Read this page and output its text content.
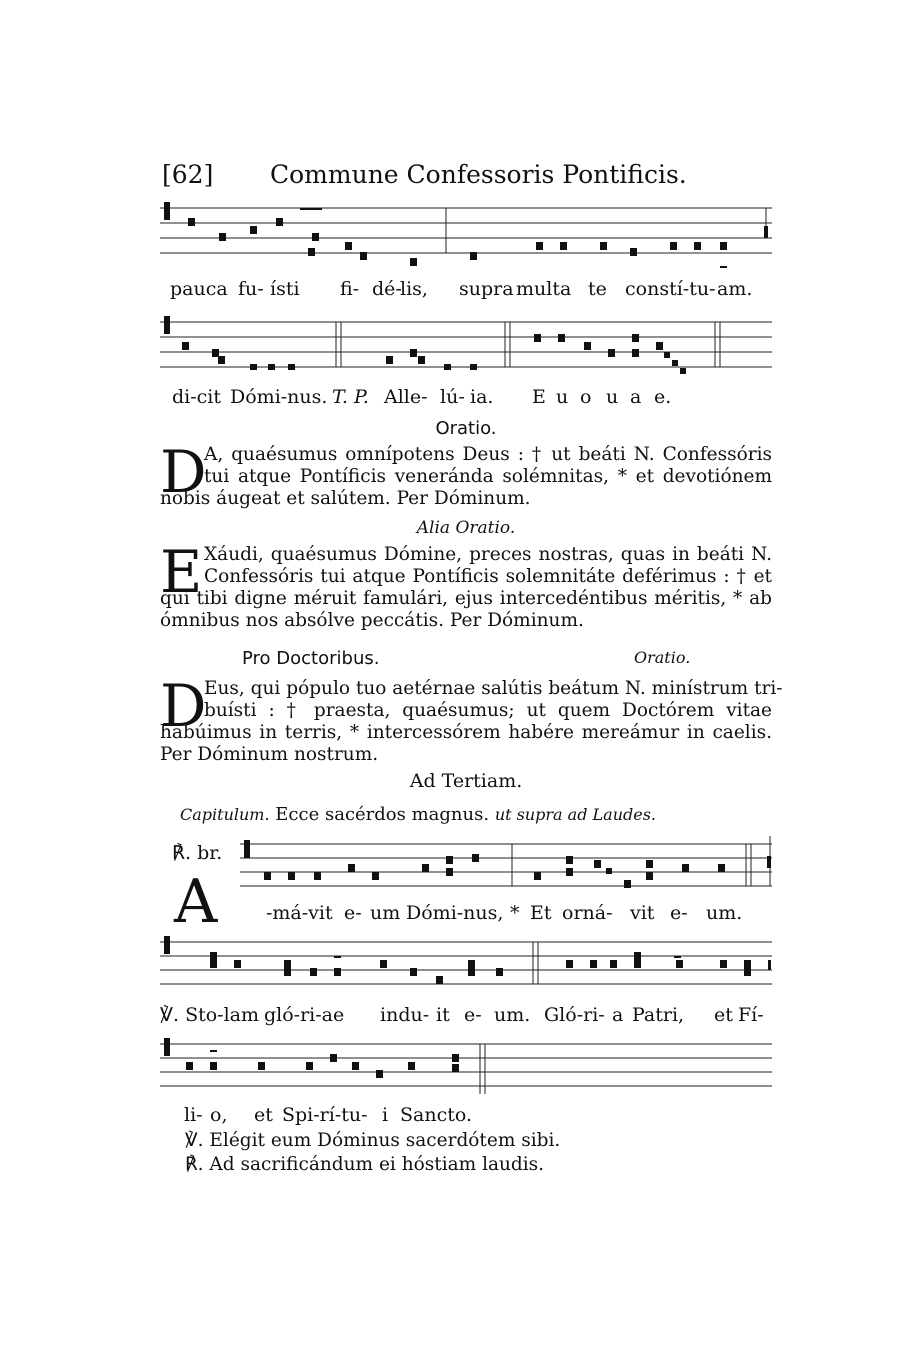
[62] Commune Confessoris Pontificis.
pauca fu- ísti fi- dé-
lis, supra multa te constí-tu- am.
di-cit Dómi-nus. T. P. Alle- lú- ia. E u o u a e.
Oratio.
D
A, quaésumus omnípotens Deus : † ut beáti N. Confessóris
tui atque Pontíficis veneránda solémnitas, * et devotiónem
nobis áugeat et salútem. Per Dóminum.
Alia Oratio.
E Xáudi, quaésumus Dómine, preces nostras, quas in beáti N.
Confessóris tui atque Pontíficis solemnitáte deférimus : † et
qui tibi digne méruit famulári, ejus intercedéntibus méritis, * ab
ómnibus nos absólve peccátis. Per Dóminum.
Pro Doctoribus.	Oratio.
D
Eus, qui pópulo tuo aetérnae salútis beátum N. minístrum tri-
buísti : † praesta, quaésumus; ut quem Doctórem vitae
habúimus in terris, * intercessórem habére mereámur in caelis.
Per Dóminum nostrum.
Ad Tertiam.
Capitulum. Ecce sacérdos magnus. ut supra ad Laudes.
℟. br.
A	-má-vit e- um Dómi-nus, * Et orná- vit e- um.
℣. Sto-lam gló-ri-ae indu- it e- um. Gló-ri- a Patri, et Fí-
li- o, et Spi-rí-tu- i Sancto.
℣. Elégit eum Dóminus sacerdótem sibi.
℟. Ad sacrificándum ei hóstiam laudis.
